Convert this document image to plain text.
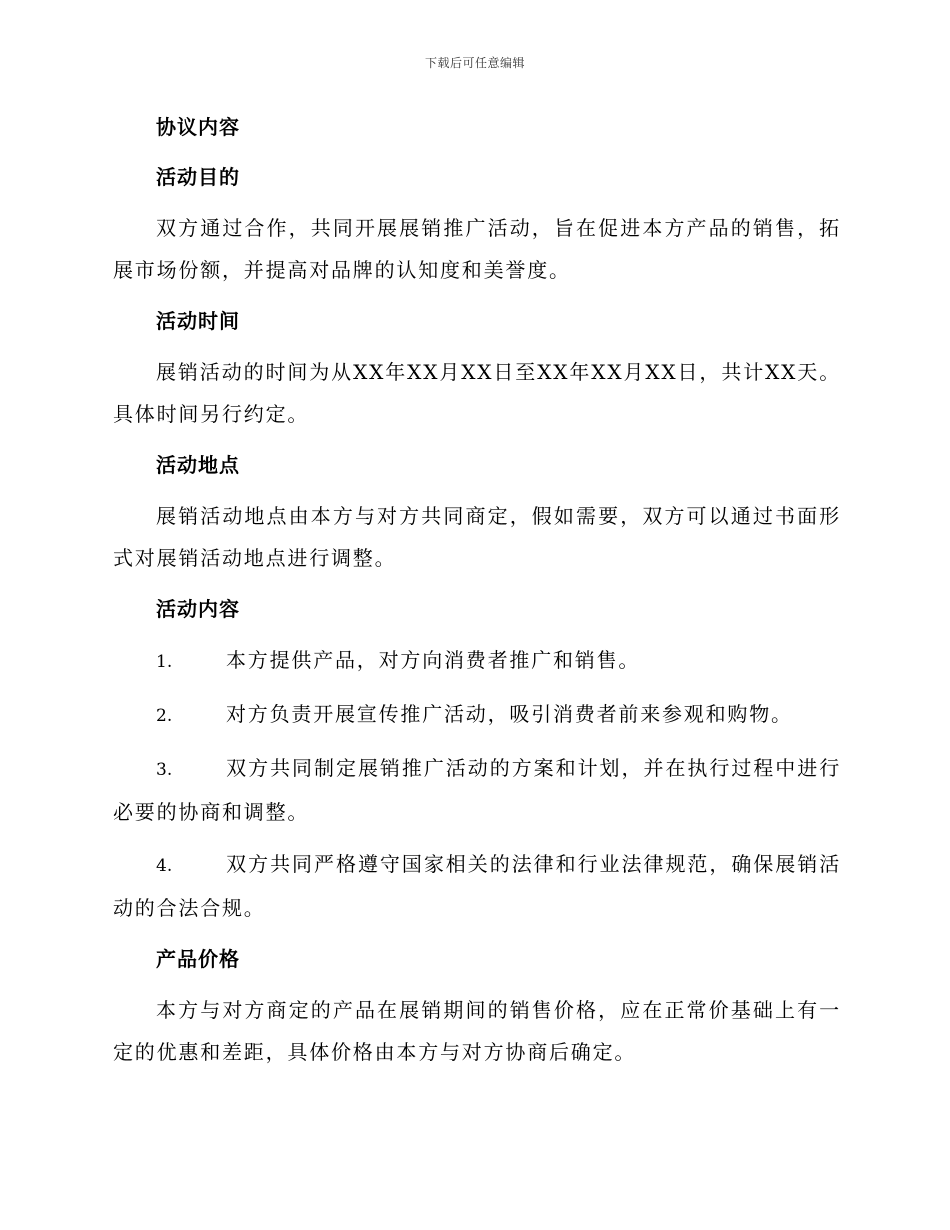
下载后可任意编辑
协议内容
活动目的
双方通过合作，共同开展展销推广活动，旨在促进本方产品的销售，拓展市场份额，并提高对品牌的认知度和美誉度。
活动时间
展销活动的时间为从XX年XX月XX日至XX年XX月XX日，共计XX天。具体时间另行约定。
活动地点
展销活动地点由本方与对方共同商定，假如需要，双方可以通过书面形式对展销活动地点进行调整。
活动内容
1.	本方提供产品，对方向消费者推广和销售。
2.	对方负责开展宣传推广活动，吸引消费者前来参观和购物。
3.	双方共同制定展销推广活动的方案和计划，并在执行过程中进行必要的协商和调整。
4.	双方共同严格遵守国家相关的法律和行业法律规范，确保展销活动的合法合规。
产品价格
本方与对方商定的产品在展销期间的销售价格，应在正常价基础上有一定的优惠和差距，具体价格由本方与对方协商后确定。
